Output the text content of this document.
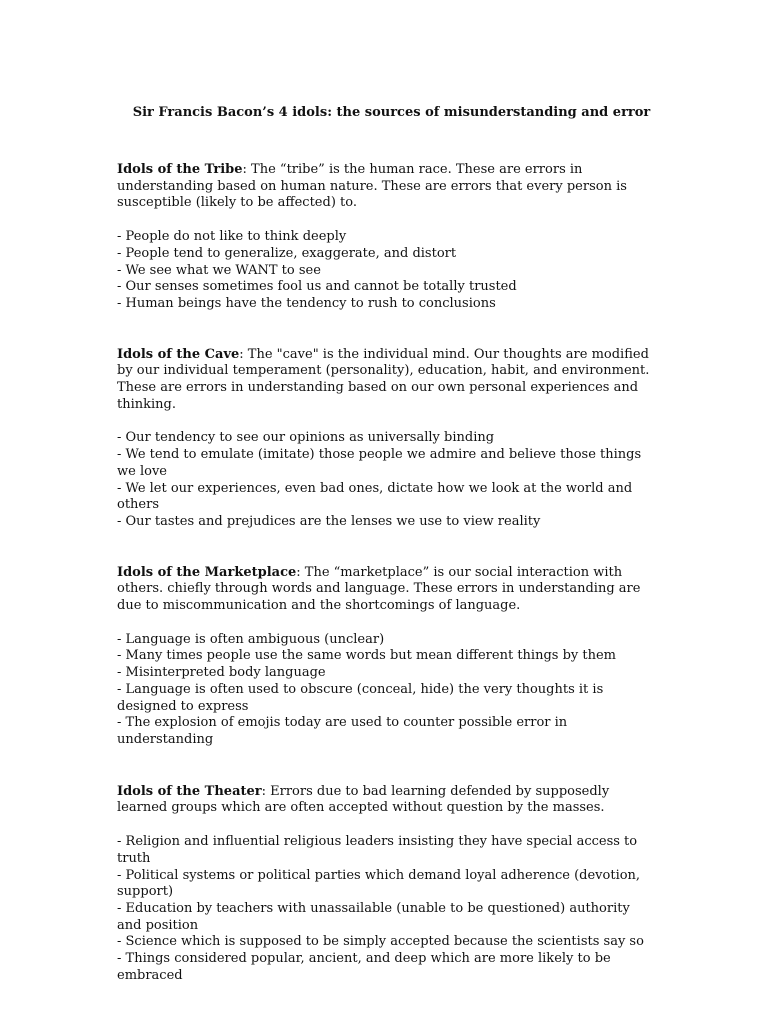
Sir Francis Bacon’s 4 idols: the sources of misunderstanding and error

Idols of the Tribe: The “tribe” is the human race. These are errors in understanding based on human nature. These are errors that every person is susceptible (likely to be affected) to.

- People do not like to think deeply
- People tend to generalize, exaggerate, and distort
- We see what we WANT to see
- Our senses sometimes fool us and cannot be totally trusted
- Human beings have the tendency to rush to conclusions

Idols of the Cave: The "cave" is the individual mind. Our thoughts are modified by our individual temperament (personality), education, habit, and environment. These are errors in understanding based on our own personal experiences and thinking.

- Our tendency to see our opinions as universally binding
- We tend to emulate (imitate) those people we admire and believe those things we love
- We let our experiences, even bad ones, dictate how we look at the world and others
- Our tastes and prejudices are the lenses we use to view reality

Idols of the Marketplace: The “marketplace” is our social interaction with others. chiefly through words and language. These errors in understanding are due to miscommunication and the shortcomings of language.

- Language is often ambiguous (unclear)
- Many times people use the same words but mean different things by them
- Misinterpreted body language
- Language is often used to obscure (conceal, hide) the very thoughts it is designed to express
- The explosion of emojis today are used to counter possible error in understanding

Idols of the Theater: Errors due to bad learning defended by supposedly learned groups which are often accepted without question by the masses.

- Religion and influential religious leaders insisting they have special access to truth
- Political systems or political parties which demand loyal adherence (devotion, support)
- Education by teachers with unassailable (unable to be questioned) authority and position
- Science which is supposed to be simply accepted because the scientists say so
- Things considered popular, ancient, and deep which are more likely to be embraced
